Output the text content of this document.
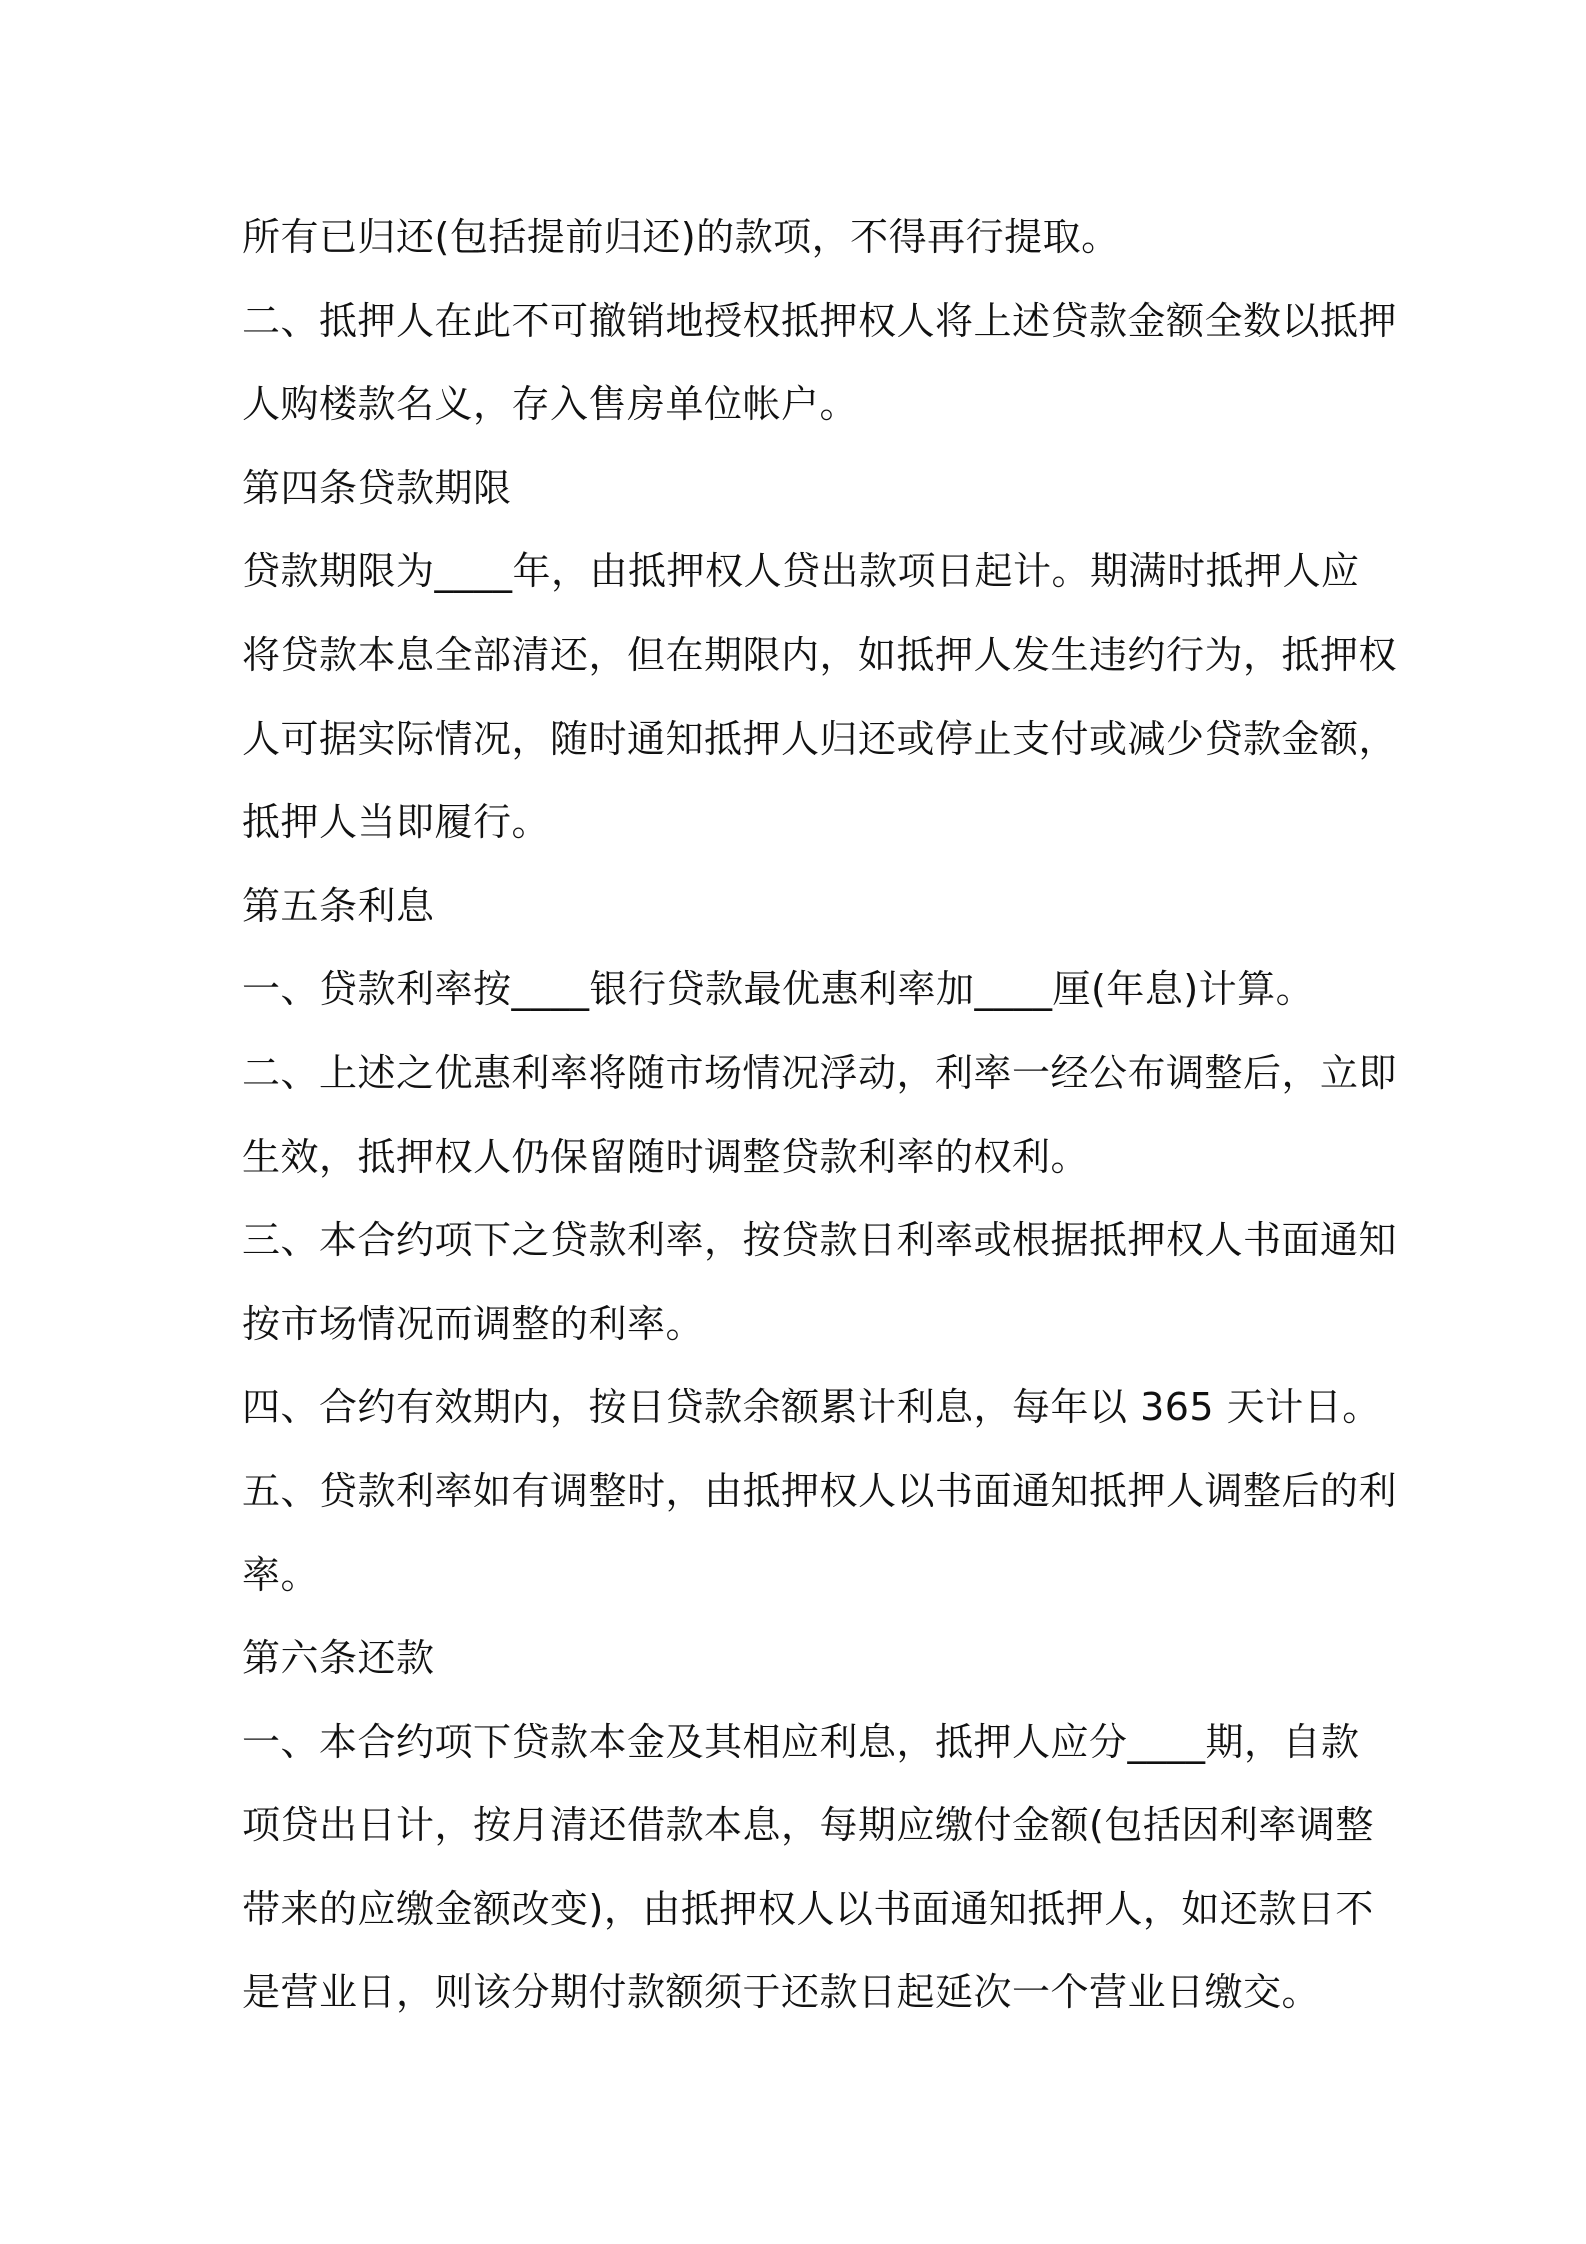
所有已归还(包括提前归还)的款项，不得再行提取。
二、抵押人在此不可撤销地授权抵押权人将上述贷款金额全数以抵押
人购楼款名义，存入售房单位帐户。
第四条贷款期限
贷款期限为____年，由抵押权人贷出款项日起计。期满时抵押人应
将贷款本息全部清还，但在期限内，如抵押人发生违约行为，抵押权
人可据实际情况，随时通知抵押人归还或停止支付或减少贷款金额，
抵押人当即履行。
第五条利息
一、贷款利率按____银行贷款最优惠利率加____厘(年息)计算。
二、上述之优惠利率将随市场情况浮动，利率一经公布调整后，立即
生效，抵押权人仍保留随时调整贷款利率的权利。
三、本合约项下之贷款利率，按贷款日利率或根据抵押权人书面通知
按市场情况而调整的利率。
四、合约有效期内，按日贷款余额累计利息，每年以 365 天计日。
五、贷款利率如有调整时，由抵押权人以书面通知抵押人调整后的利
率。
第六条还款
一、本合约项下贷款本金及其相应利息，抵押人应分____期，自款
项贷出日计，按月清还借款本息，每期应缴付金额(包括因利率调整
带来的应缴金额改变)，由抵押权人以书面通知抵押人，如还款日不
是营业日，则该分期付款额须于还款日起延次一个营业日缴交。
